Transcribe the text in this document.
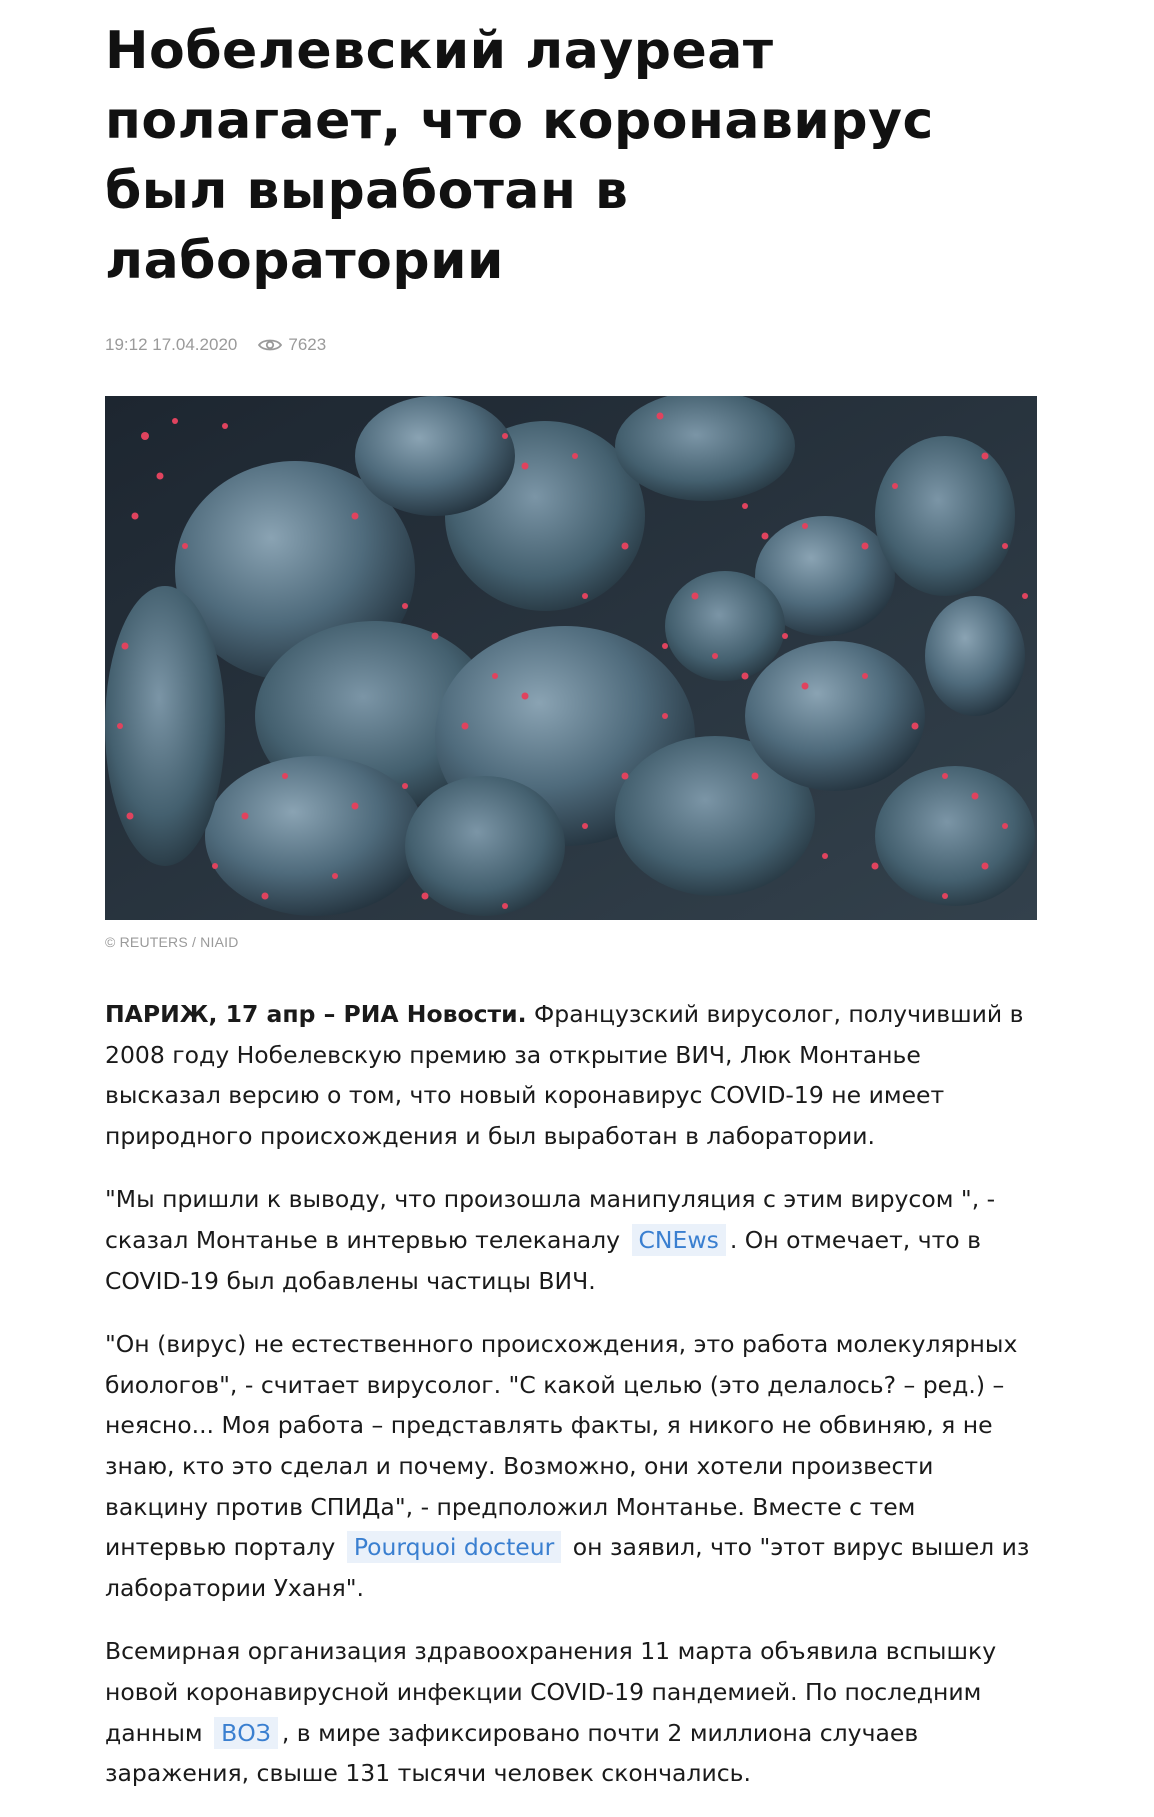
Нобелевский лауреат полагает, что коронавирус был выработан в лаборатории
19:12 17.04.2020	7623
© REUTERS / NIAID

ПАРИЖ, 17 апр – РИА Новости. Французский вирусолог, получивший в 2008 году Нобелевскую премию за открытие ВИЧ, Люк Монтанье высказал версию о том, что новый коронавирус COVID-19 не имеет природного происхождения и был выработан в лаборатории.

"Мы пришли к выводу, что произошла манипуляция с этим вирусом ", - сказал Монтанье в интервью телеканалу CNEws . Он отмечает, что в COVID-19 был добавлены частицы ВИЧ.

"Он (вирус) не естественного происхождения, это работа молекулярных биологов", - считает вирусолог. "С какой целью (это делалось? – ред.) – неясно... Моя работа – представлять факты, я никого не обвиняю, я не знаю, кто это сделал и почему. Возможно, они хотели произвести вакцину против СПИДа", - предположил Монтанье. Вместе с тем интервью порталу Pourquoi docteur он заявил, что "этот вирус вышел из лаборатории Уханя".

Всемирная организация здравоохранения 11 марта объявила вспышку новой коронавирусной инфекции COVID-19 пандемией. По последним данным ВОЗ , в мире зафиксировано почти 2 миллиона случаев заражения, свыше 131 тысячи человек скончались.
